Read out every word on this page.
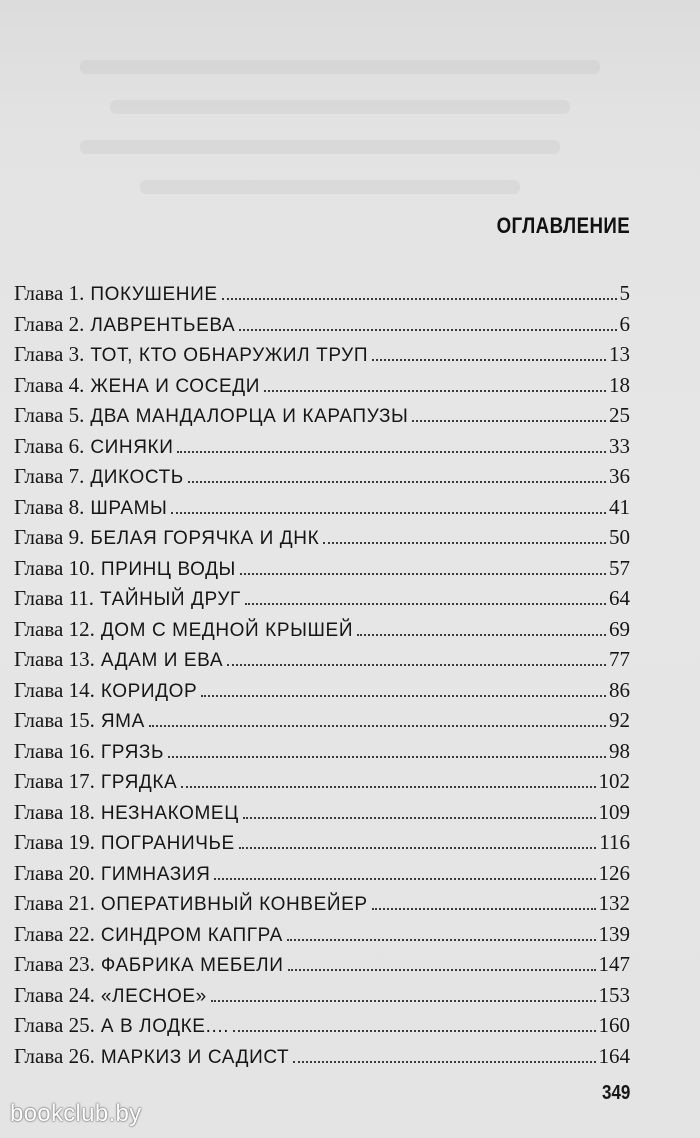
ОГЛАВЛЕНИЕ
Глава 1. ПОКУШЕНИЕ	5
Глава 2. ЛАВРЕНТЬЕВА	6
Глава 3. ТОТ, КТО ОБНАРУЖИЛ ТРУП	13
Глава 4. ЖЕНА И СОСЕДИ	18
Глава 5. ДВА МАНДАЛОРЦА И КАРАПУЗЫ	25
Глава 6. СИНЯКИ	33
Глава 7. ДИКОСТЬ	36
Глава 8. ШРАМЫ	41
Глава 9. БЕЛАЯ ГОРЯЧКА И ДНК	50
Глава 10. ПРИНЦ ВОДЫ	57
Глава 11. ТАЙНЫЙ ДРУГ	64
Глава 12. ДОМ С МЕДНОЙ КРЫШЕЙ	69
Глава 13. АДАМ И ЕВА	77
Глава 14. КОРИДОР	86
Глава 15. ЯМА	92
Глава 16. ГРЯЗЬ	98
Глава 17. ГРЯДКА	102
Глава 18. НЕЗНАКОМЕЦ	109
Глава 19. ПОГРАНИЧЬЕ	116
Глава 20. ГИМНАЗИЯ	126
Глава 21. ОПЕРАТИВНЫЙ КОНВЕЙЕР	132
Глава 22. СИНДРОМ КАПГРА	139
Глава 23. ФАБРИКА МЕБЕЛИ	147
Глава 24. «ЛЕСНОЕ»	153
Глава 25. А В ЛОДКЕ....	160
Глава 26. МАРКИЗ И САДИСТ	164
349
bookclub.by
